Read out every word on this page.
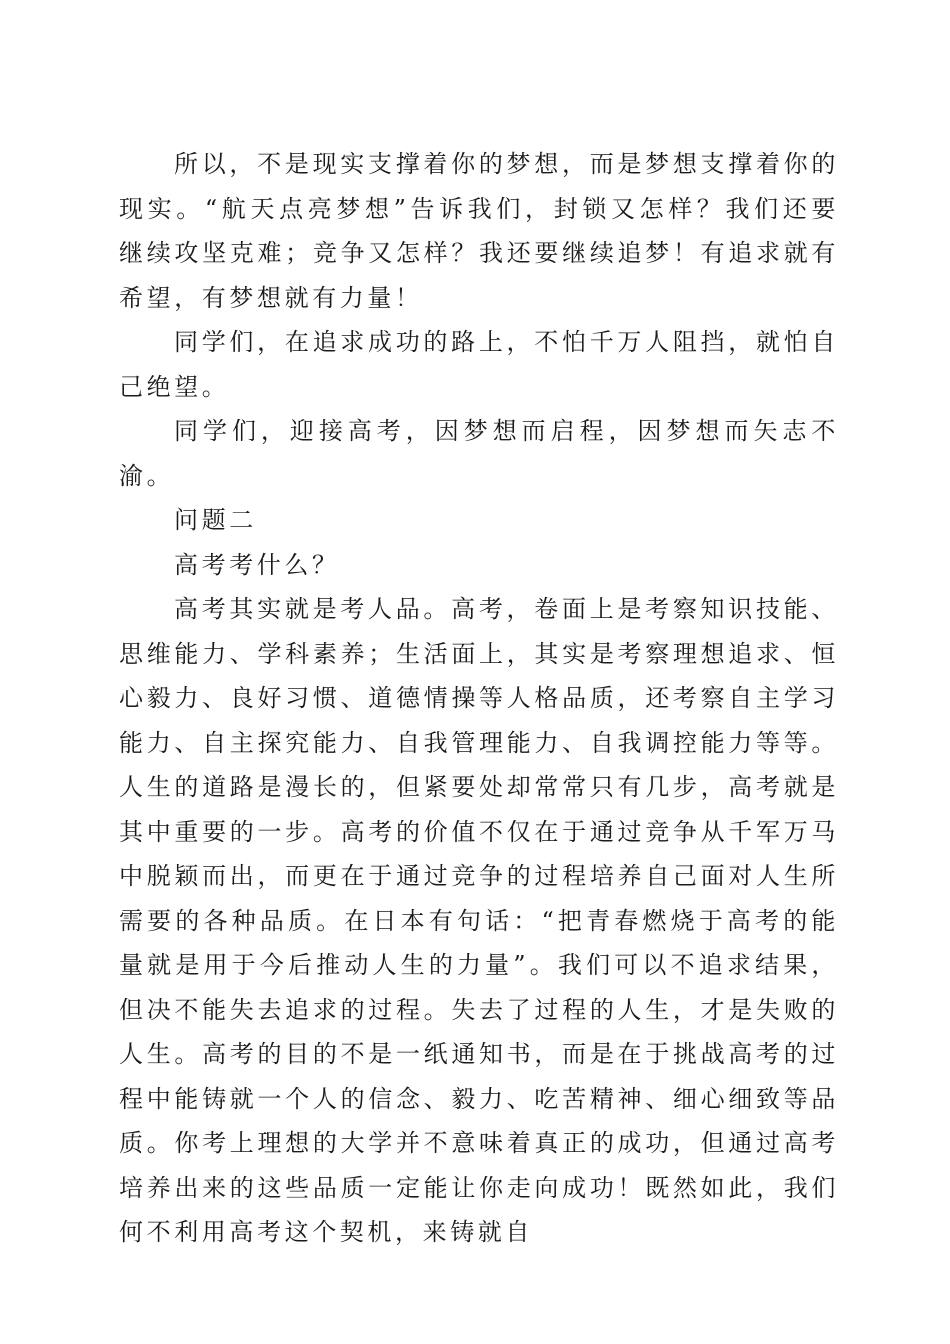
所以，不是现实支撑着你的梦想，而是梦想支撑着你的现实。“航天点亮梦想”告诉我们，封锁又怎样？我们还要继续攻坚克难；竞争又怎样？我还要继续追梦！有追求就有希望，有梦想就有力量！

同学们，在追求成功的路上，不怕千万人阻挡，就怕自己绝望。

同学们，迎接高考，因梦想而启程，因梦想而矢志不渝。

问题二

高考考什么？

高考其实就是考人品。高考，卷面上是考察知识技能、思维能力、学科素养；生活面上，其实是考察理想追求、恒心毅力、良好习惯、道德情操等人格品质，还考察自主学习能力、自主探究能力、自我管理能力、自我调控能力等等。人生的道路是漫长的，但紧要处却常常只有几步，高考就是其中重要的一步。高考的价值不仅在于通过竞争从千军万马中脱颖而出，而更在于通过竞争的过程培养自己面对人生所需要的各种品质。在日本有句话：“把青春燃烧于高考的能量就是用于今后推动人生的力量”。我们可以不追求结果，但决不能失去追求的过程。失去了过程的人生，才是失败的人生。高考的目的不是一纸通知书，而是在于挑战高考的过程中能铸就一个人的信念、毅力、吃苦精神、细心细致等品质。你考上理想的大学并不意味着真正的成功，但通过高考培养出来的这些品质一定能让你走向成功！既然如此，我们何不利用高考这个契机，来铸就自
